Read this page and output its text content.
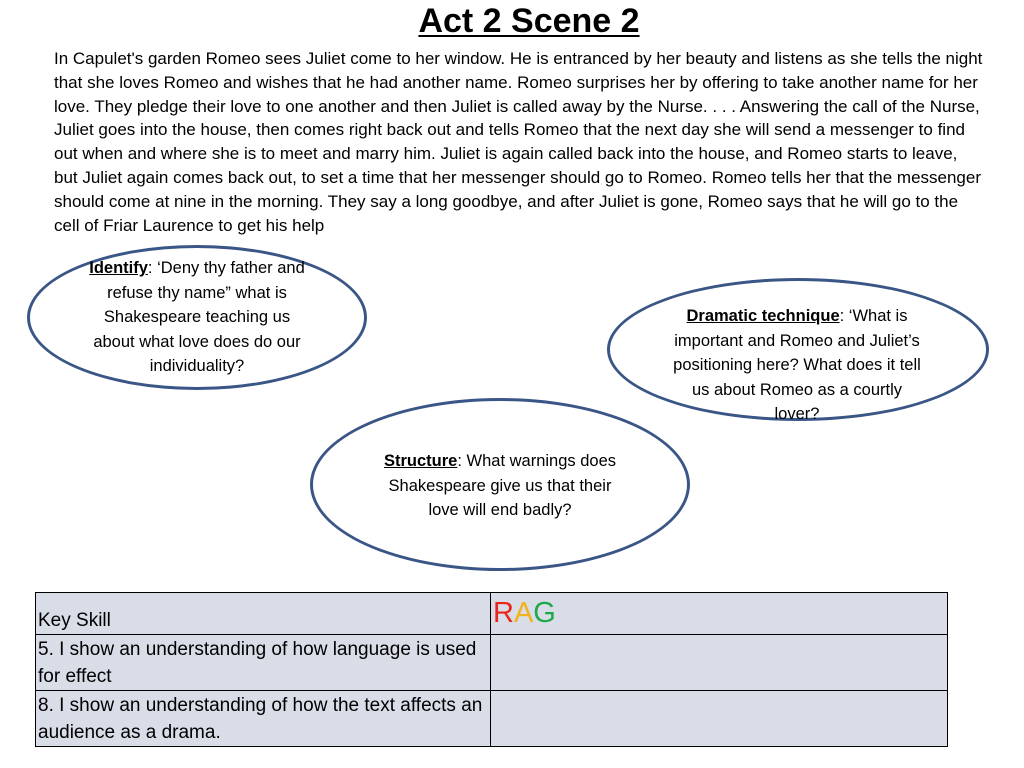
Act 2 Scene 2

In Capulet's garden Romeo sees Juliet come to her window. He is entranced by her beauty and listens as she tells the night that she loves Romeo and wishes that he had another name. Romeo surprises her by offering to take another name for her love. They pledge their love to one another and then Juliet is called away by the Nurse. . . . Answering the call of the Nurse, Juliet goes into the house, then comes right back out and tells Romeo that the next day she will send a messenger to find out when and where she is to meet and marry him. Juliet is again called back into the house, and Romeo starts to leave, but Juliet again comes back out, to set a time that her messenger should go to Romeo. Romeo tells her that the messenger should come at nine in the morning. They say a long goodbye, and after Juliet is gone, Romeo says that he will go to the cell of Friar Laurence to get his help

Identify: ‘Deny thy father and refuse thy name” what is Shakespeare teaching us about what love does do our individuality?
Dramatic technique: ‘What is important and Romeo and Juliet’s positioning here? What does it tell us about Romeo as a courtly lover?
Structure: What warnings does Shakespeare give us that their love will end badly?
Key Skill	RAG
5. I show an understanding of how language is used for effect	
8. I show an understanding of how the text affects an audience as a drama.	
